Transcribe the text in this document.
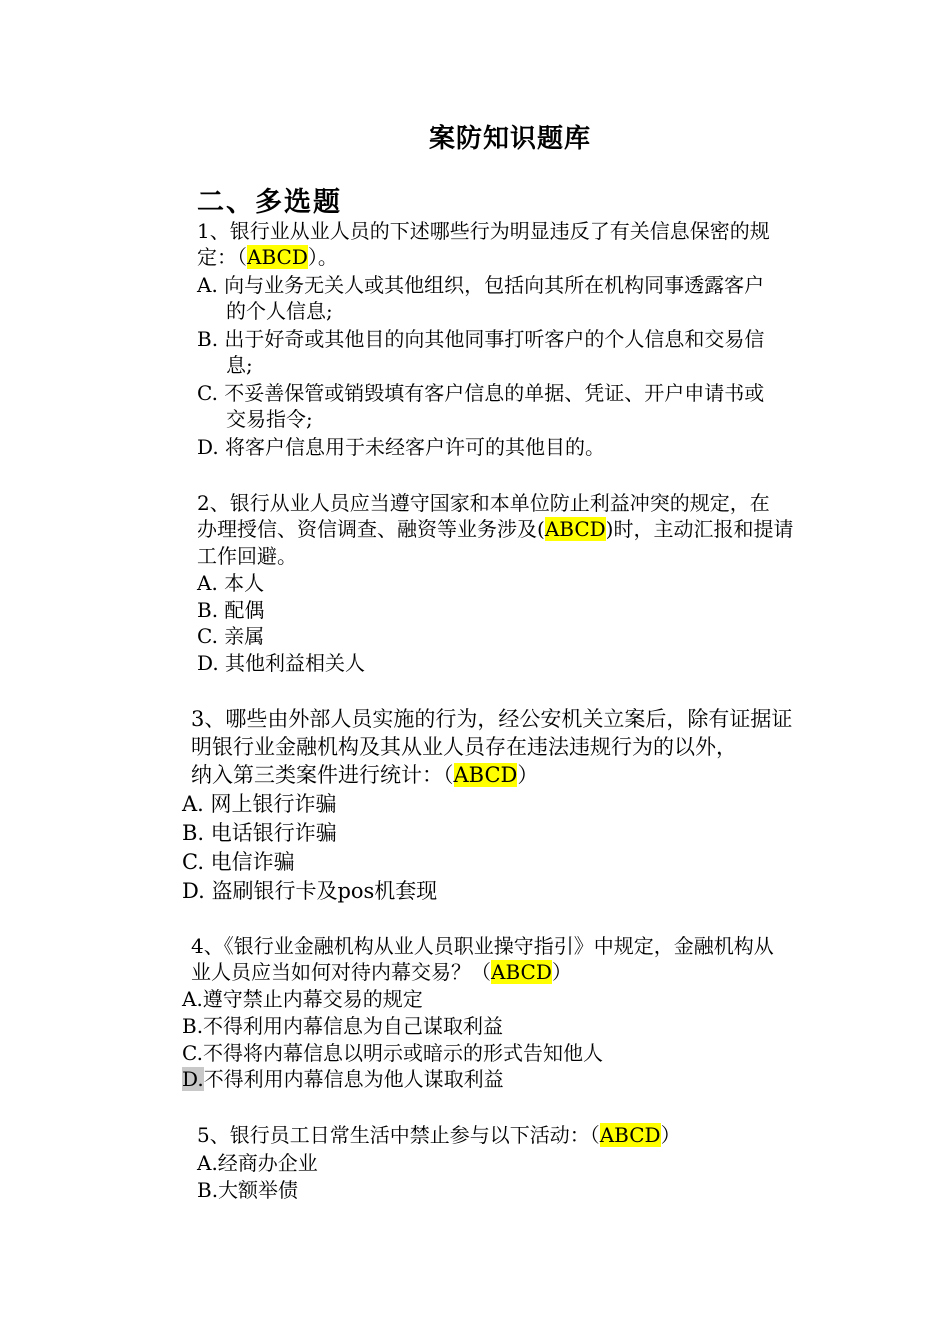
案防知识题库
二、多选题
1、银行业从业人员的下述哪些行为明显违反了有关信息保密的规
定：（ABCD）。
A. 向与业务无关人或其他组织，包括向其所在机构同事透露客户
的个人信息;
B. 出于好奇或其他目的向其他同事打听客户的个人信息和交易信
息;
C. 不妥善保管或销毁填有客户信息的单据、凭证、开户申请书或
交易指令;
D. 将客户信息用于未经客户许可的其他目的。
2、银行从业人员应当遵守国家和本单位防止利益冲突的规定，在
办理授信、资信调查、融资等业务涉及(ABCD)时，主动汇报和提请
工作回避。
A. 本人
B. 配偶
C. 亲属
D. 其他利益相关人
3、哪些由外部人员实施的行为，经公安机关立案后，除有证据证
明银行业金融机构及其从业人员存在违法违规行为的以外，
纳入第三类案件进行统计：（ABCD）
A. 网上银行诈骗
B. 电话银行诈骗
C. 电信诈骗
D. 盗刷银行卡及pos机套现
4、《银行业金融机构从业人员职业操守指引》中规定，金融机构从
业人员应当如何对待内幕交易？（ABCD）
A.遵守禁止内幕交易的规定
B.不得利用内幕信息为自己谋取利益
C.不得将内幕信息以明示或暗示的形式告知他人
D.不得利用内幕信息为他人谋取利益
5、银行员工日常生活中禁止参与以下活动：（ABCD）
A.经商办企业
B.大额举债
